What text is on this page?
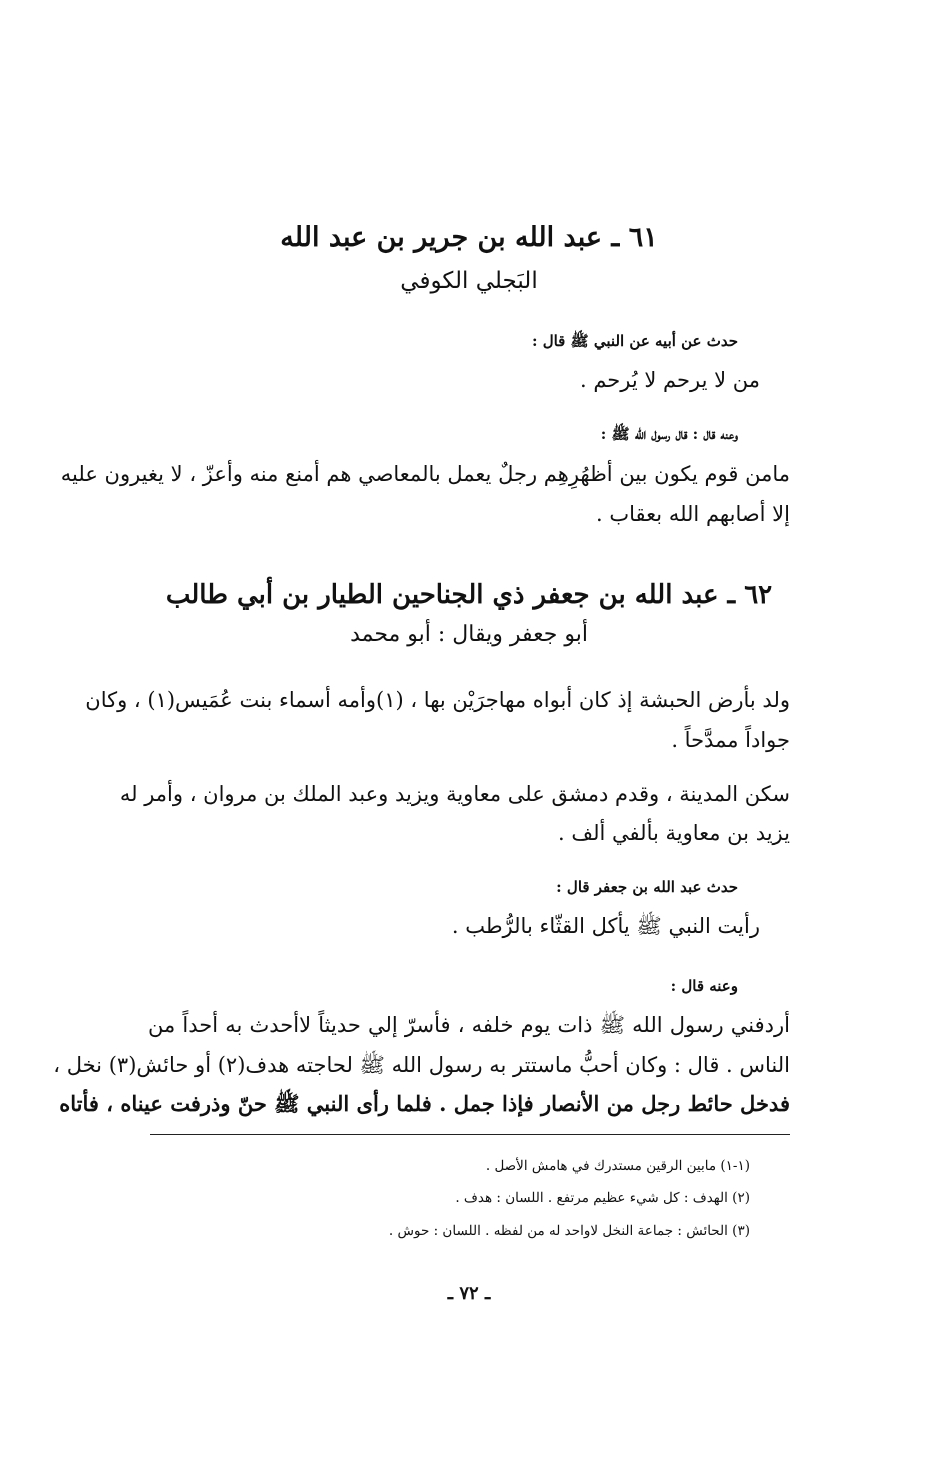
٦١ ـ عبد الله بن جرير بن عبد الله
البَجلي الكوفي
حدث عن أبيه عن النبي ﷺ قال :
من لا يرحم لا يُرحم .
وعنه قال : قال رسول الله ﷺ :
مامن قوم يكون بين أظهُرِهِم رجلٌ يعمل بالمعاصي هم أمنع منه وأعزّ ، لا يغيرون عليه
إلا أصابهم الله بعقاب .
٦٢ ـ عبد الله بن جعفر ذي الجناحين الطيار بن أبي طالب
أبو جعفر ويقال : أبو محمد
ولد بأرض الحبشة إذ كان أبواه مهاجرَيْن بها ، (١)وأمه أسماء بنت عُمَيس(١) ، وكان
جواداً ممدَّحاً .
سكن المدينة ، وقدم دمشق على معاوية ويزيد وعبد الملك بن مروان ، وأمر له
يزيد بن معاوية بألفي ألف .
حدث عبد الله بن جعفر قال :
رأيت النبي ﷺ يأكل القثّاء بالرُّطب .
وعنه قال :
أردفني رسول الله ﷺ ذات يوم خلفه ، فأسرّ إلي حديثاً لاأحدث به أحداً من
الناس . قال : وكان أحبُّ ماستتر به رسول الله ﷺ لحاجته هدف(٢) أو حائش(٣) نخل ،
فدخل حائط رجل من الأنصار فإذا جمل . فلما رأى النبي ﷺ حنّ وذرفت عيناه ، فأتاه
(١-١) مابين الرقين مستدرك في هامش الأصل .
(٢) الهدف : كل شيء عظيم مرتفع . اللسان : هدف .
(٣) الحائش : جماعة النخل لاواحد له من لفظه . اللسان : حوش .
ـ ٧٢ ـ
